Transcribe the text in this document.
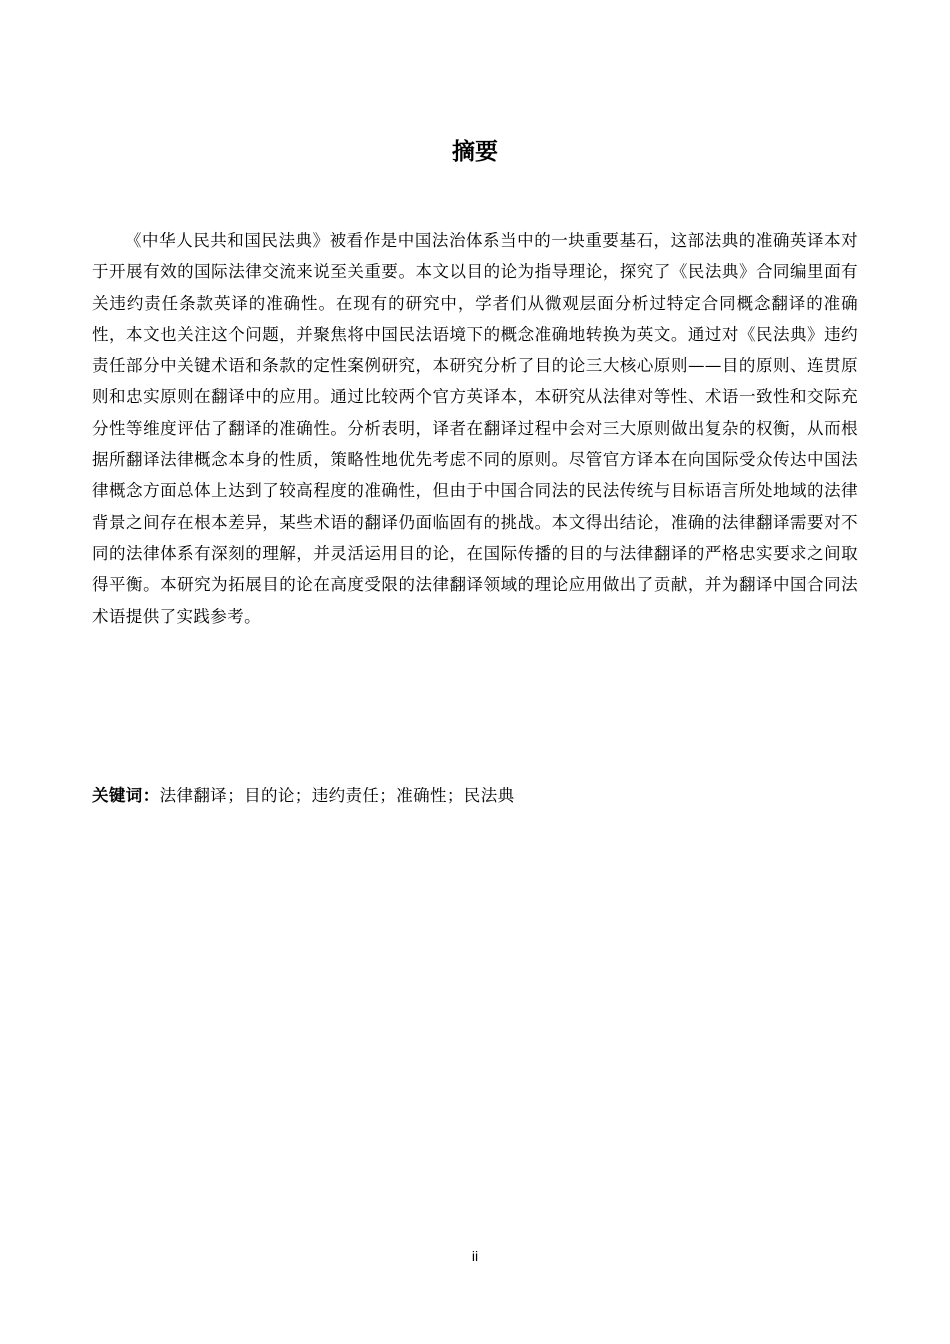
摘要

《中华人民共和国民法典》被看作是中国法治体系当中的一块重要基石，这部法典的准确英译本对于开展有效的国际法律交流来说至关重要。本文以目的论为指导理论，探究了《民法典》合同编里面有关违约责任条款英译的准确性。在现有的研究中，学者们从微观层面分析过特定合同概念翻译的准确性，本文也关注这个问题，并聚焦将中国民法语境下的概念准确地转换为英文。通过对《民法典》违约责任部分中关键术语和条款的定性案例研究，本研究分析了目的论三大核心原则——目的原则、连贯原则和忠实原则在翻译中的应用。通过比较两个官方英译本，本研究从法律对等性、术语一致性和交际充分性等维度评估了翻译的准确性。分析表明，译者在翻译过程中会对三大原则做出复杂的权衡，从而根据所翻译法律概念本身的性质，策略性地优先考虑不同的原则。尽管官方译本在向国际受众传达中国法律概念方面总体上达到了较高程度的准确性，但由于中国合同法的民法传统与目标语言所处地域的法律背景之间存在根本差异，某些术语的翻译仍面临固有的挑战。本文得出结论，准确的法律翻译需要对不同的法律体系有深刻的理解，并灵活运用目的论，在国际传播的目的与法律翻译的严格忠实要求之间取得平衡。本研究为拓展目的论在高度受限的法律翻译领域的理论应用做出了贡献，并为翻译中国合同法术语提供了实践参考。

关键词：法律翻译；目的论；违约责任；准确性；民法典

ii
